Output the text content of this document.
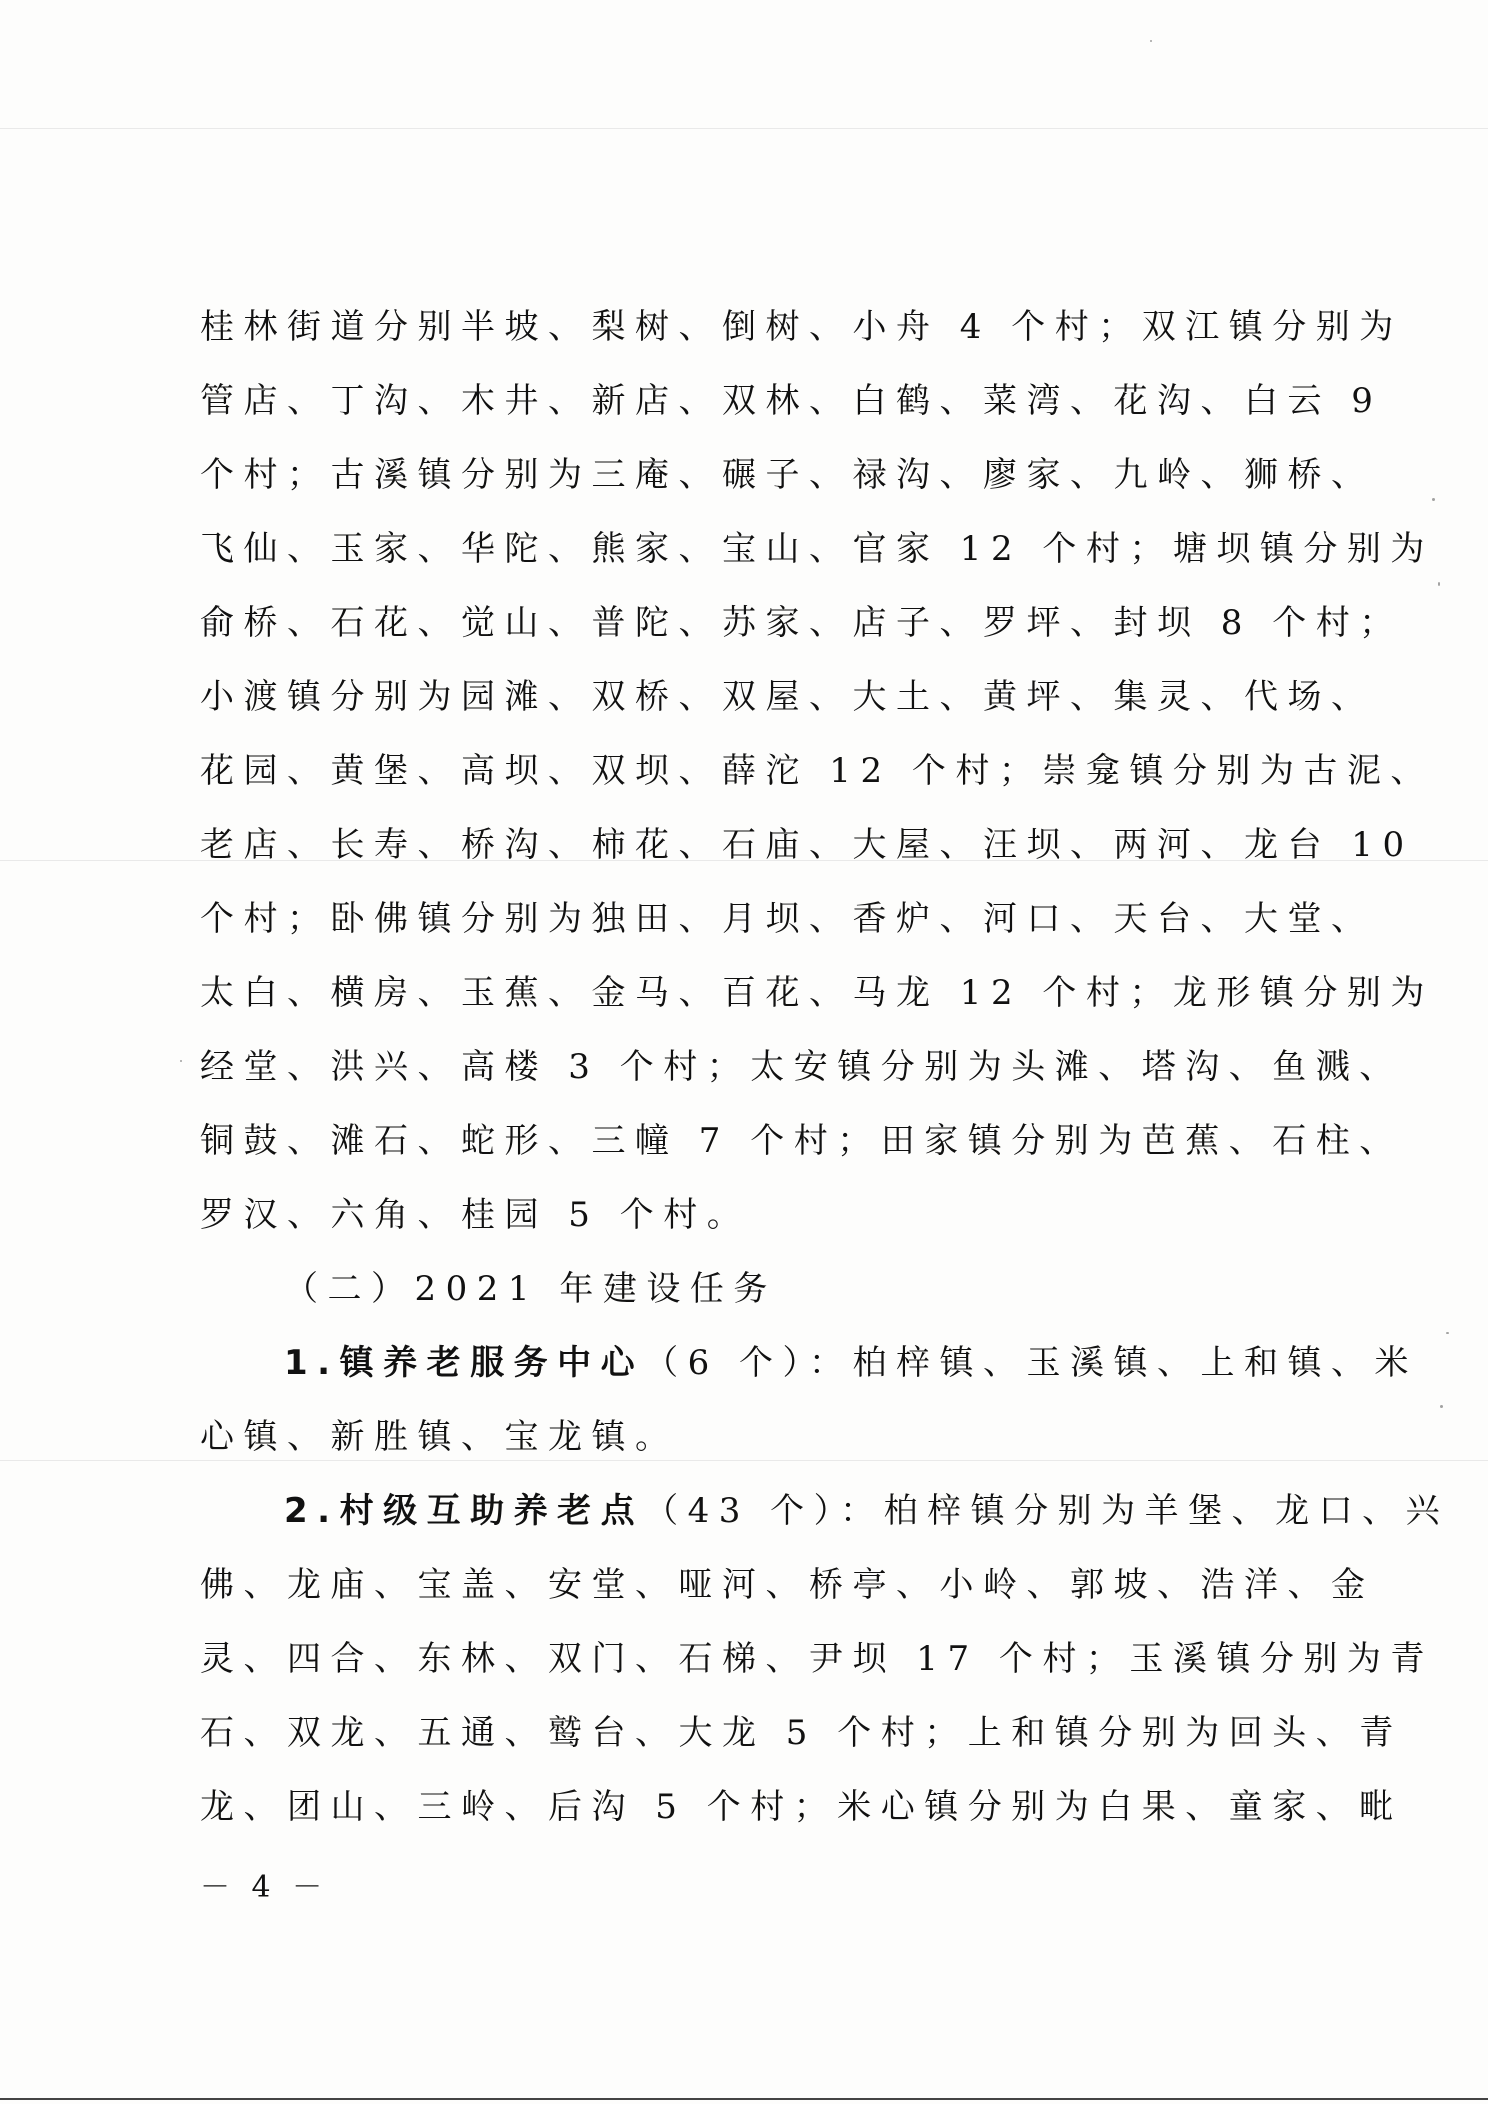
桂林街道分别半坡、梨树、倒树、小舟 4 个村；双江镇分别为
管店、丁沟、木井、新店、双林、白鹤、菜湾、花沟、白云 9
个村；古溪镇分别为三庵、碾子、禄沟、廖家、九岭、狮桥、
飞仙、玉家、华陀、熊家、宝山、官家 12 个村；塘坝镇分别为
俞桥、石花、觉山、普陀、苏家、店子、罗坪、封坝 8 个村；
小渡镇分别为园滩、双桥、双屋、大土、黄坪、集灵、代场、
花园、黄堡、高坝、双坝、薛沱 12 个村；崇龛镇分别为古泥、
老店、长寿、桥沟、柿花、石庙、大屋、汪坝、两河、龙台 10
个村；卧佛镇分别为独田、月坝、香炉、河口、天台、大堂、
太白、横房、玉蕉、金马、百花、马龙 12 个村；龙形镇分别为
经堂、洪兴、高楼 3 个村；太安镇分别为头滩、塔沟、鱼溅、
铜鼓、滩石、蛇形、三幢 7 个村；田家镇分别为芭蕉、石柱、
罗汉、六角、桂园 5 个村。
（二）2021 年建设任务
1.镇养老服务中心（6 个）：柏梓镇、玉溪镇、上和镇、米
心镇、新胜镇、宝龙镇。
2.村级互助养老点（43 个）：柏梓镇分别为羊堡、龙口、兴
佛、龙庙、宝盖、安堂、哑河、桥亭、小岭、郭坡、浩洋、金
灵、四合、东林、双门、石梯、尹坝 17 个村；玉溪镇分别为青
石、双龙、五通、鹫台、大龙 5 个村；上和镇分别为回头、青
龙、团山、三岭、后沟 5 个村；米心镇分别为白果、童家、毗
－ 4 －
